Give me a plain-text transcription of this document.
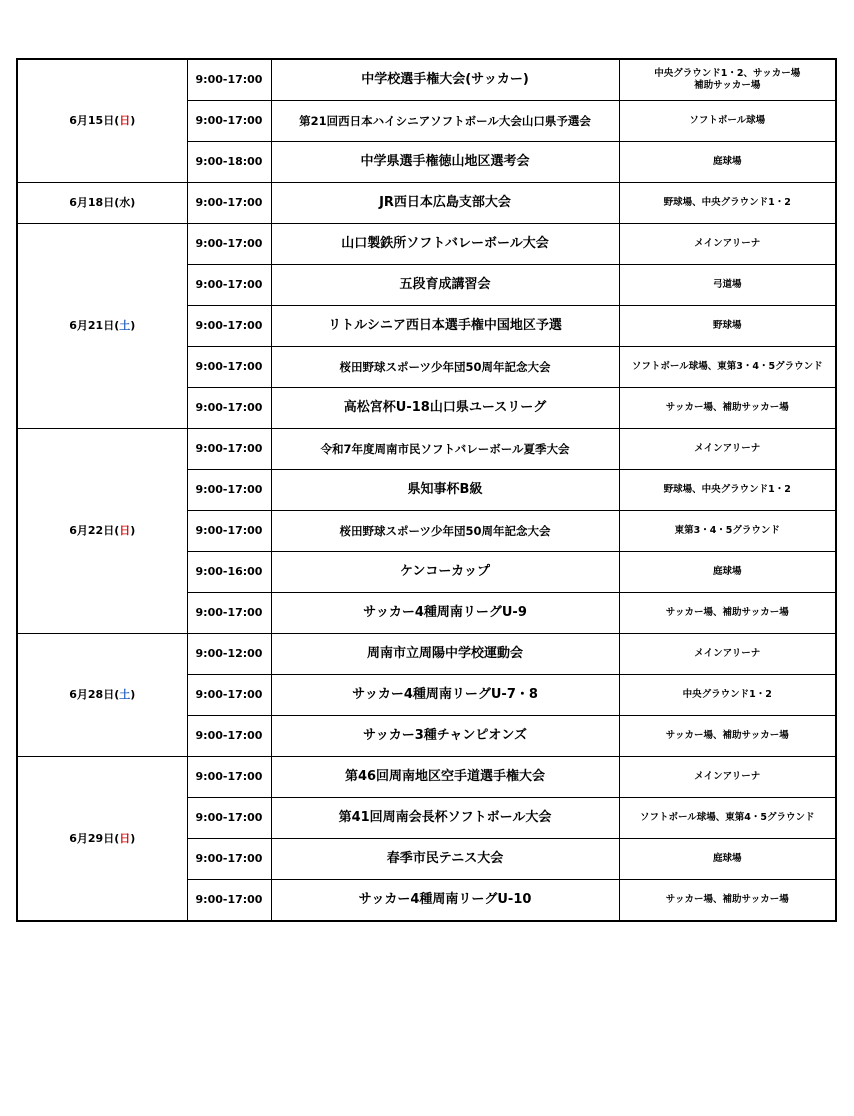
6月15日(日)	9:00-17:00	中学校選手権大会(サッカー)	中央グラウンド1・2、サッカー場
補助サッカー場

	9:00-17:00	第21回西日本ハイシニアソフトボール大会山口県予選会	ソフトボール球場

	9:00-18:00	中学県選手権徳山地区選考会	庭球場

6月18日(水)	9:00-17:00	JR西日本広島支部大会	野球場、中央グラウンド1・2

6月21日(土)	9:00-17:00	山口製鉄所ソフトバレーボール大会	メインアリーナ

	9:00-17:00	五段育成講習会	弓道場

	9:00-17:00	リトルシニア西日本選手権中国地区予選	野球場

	9:00-17:00	桜田野球スポーツ少年団50周年記念大会	ソフトボール球場、東第3・4・5グラウンド

	9:00-17:00	高松宮杯U-18山口県ユースリーグ	サッカー場、補助サッカー場

6月22日(日)	9:00-17:00	令和7年度周南市民ソフトバレーボール夏季大会	メインアリーナ

	9:00-17:00	県知事杯B級	野球場、中央グラウンド1・2

	9:00-17:00	桜田野球スポーツ少年団50周年記念大会	東第3・4・5グラウンド

	9:00-16:00	ケンコーカップ	庭球場

	9:00-17:00	サッカー4種周南リーグU-9	サッカー場、補助サッカー場

6月28日(土)	9:00-12:00	周南市立周陽中学校運動会	メインアリーナ

	9:00-17:00	サッカー4種周南リーグU-7・8	中央グラウンド1・2

	9:00-17:00	サッカー3種チャンピオンズ	サッカー場、補助サッカー場

6月29日(日)	9:00-17:00	第46回周南地区空手道選手権大会	メインアリーナ

	9:00-17:00	第41回周南会長杯ソフトボール大会	ソフトボール球場、東第4・5グラウンド

	9:00-17:00	春季市民テニス大会	庭球場

	9:00-17:00	サッカー4種周南リーグU-10	サッカー場、補助サッカー場
